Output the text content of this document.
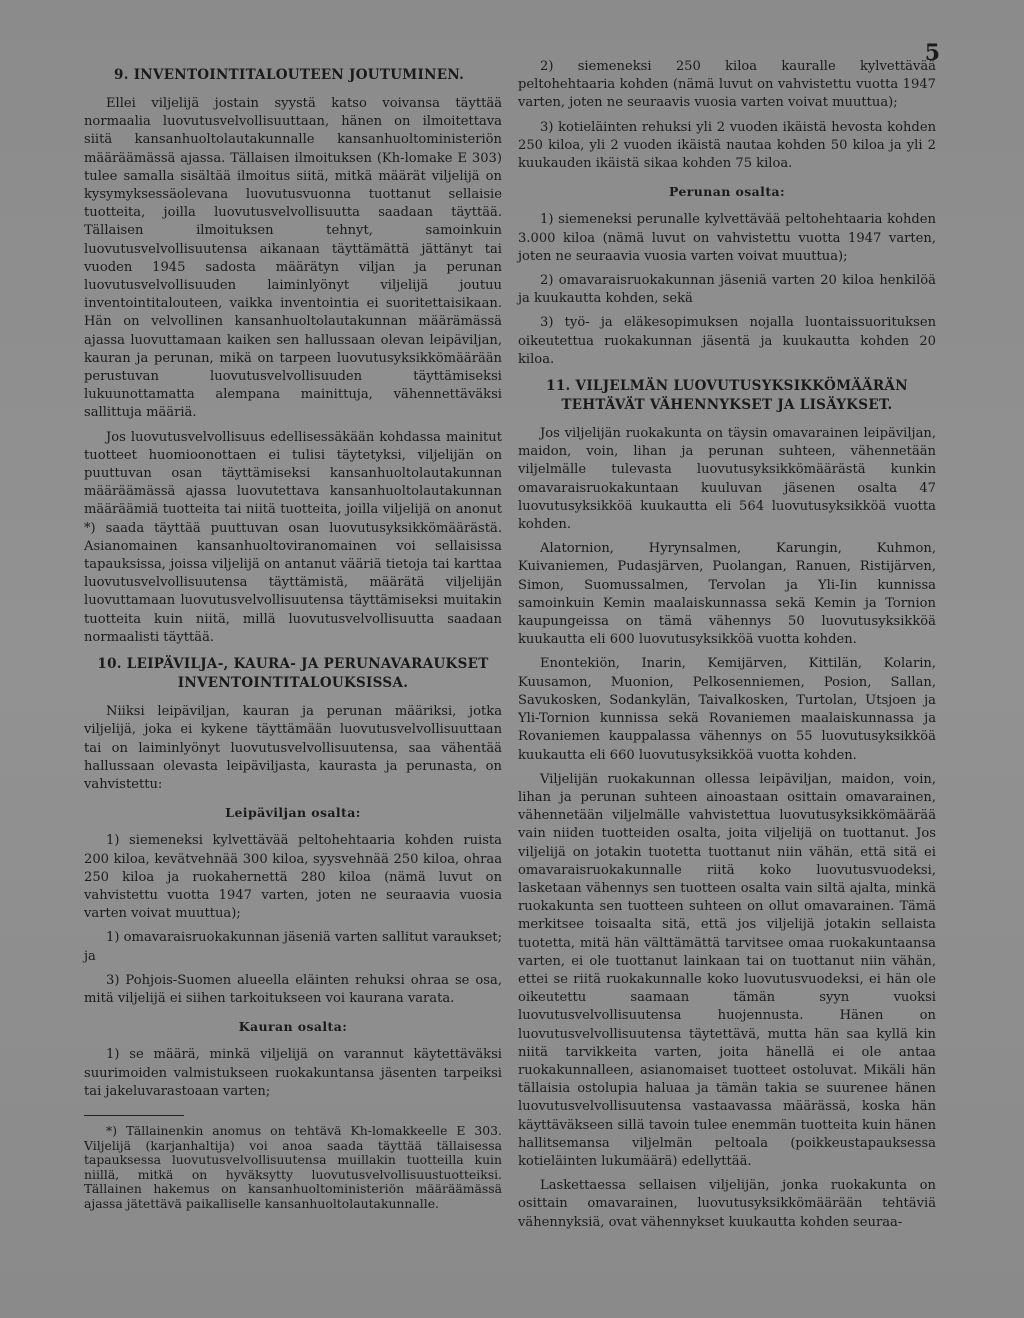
5
9. INVENTOINTITALOUTEEN JOUTUMINEN.

Ellei viljelijä jostain syystä katso voivansa täyttää normaalia luovutusvelvollisuuttaan, hänen on ilmoitettava siitä kansanhuoltolautakunnalle kansanhuoltoministeriön määräämässä ajassa. Tällaisen ilmoituksen (Kh-lomake E 303) tulee samalla sisältää ilmoitus siitä, mitkä määrät viljelijä on kysymyksessäolevana luovutusvuonna tuottanut sellaisie tuotteita, joilla luovutusvelvollisuutta saadaan täyttää. Tällaisen ilmoituksen tehnyt, samoinkuin luovutusvelvollisuutensa aikanaan täyttämättä jättänyt tai vuoden 1945 sadosta määrätyn viljan ja perunan luovutusvelvollisuuden laiminlyönyt viljelijä joutuu inventointitalouteen, vaikka inventointia ei suoritettaisikaan. Hän on velvollinen kansanhuoltolautakunnan määrämässä ajassa luovuttamaan kaiken sen hallussaan olevan leipäviljan, kauran ja perunan, mikä on tarpeen luovutusyksikkömäärään perustuvan luovutusvelvollisuuden täyttämiseksi lukuunottamatta alempana mainittuja, vähennettäväksi sallittuja määriä.

Jos luovutusvelvollisuus edellisessäkään kohdassa mainitut tuotteet huomioonottaen ei tulisi täytetyksi, viljelijän on puuttuvan osan täyttämiseksi kansanhuoltolautakunnan määräämässä ajassa luovutettava kansanhuoltolautakunnan määräämiä tuotteita tai niitä tuotteita, joilla viljelijä on anonut *) saada täyttää puuttuvan osan luovutusyksikkömäärästä. Asianomainen kansanhuoltoviranomainen voi sellaisissa tapauksissa, joissa viljelijä on antanut vääriä tietoja tai karttaa luovutusvelvollisuutensa täyttämistä, määrätä viljelijän luovuttamaan luovutusvelvollisuutensa täyttämiseksi muitakin tuotteita kuin niitä, millä luovutusvelvollisuutta saadaan normaalisti täyttää.

10. LEIPÄVILJA-, KAURA- JA PERUNAVARAUKSET
INVENTOINTITALOUKSISSA.

Niiksi leipäviljan, kauran ja perunan määriksi, jotka viljelijä, joka ei kykene täyttämään luovutusvelvollisuuttaan tai on laiminlyönyt luovutusvelvollisuutensa, saa vähentää hallussaan olevasta leipäviljasta, kaurasta ja perunasta, on vahvistettu:

Leipäviljan osalta:

1) siemeneksi kylvettävää peltohehtaaria kohden ruista 200 kiloa, kevätvehnää 300 kiloa, syysvehnää 250 kiloa, ohraa 250 kiloa ja ruokahernettä 280 kiloa (nämä luvut on vahvistettu vuotta 1947 varten, joten ne seuraavia vuosia varten voivat muuttua);

1) omavaraisruokakunnan jäseniä varten sallitut varaukset; ja

3) Pohjois-Suomen alueella eläinten rehuksi ohraa se osa, mitä viljelijä ei siihen tarkoitukseen voi kaurana varata.

Kauran osalta:

1) se määrä, minkä viljelijä on varannut käytettäväksi suurimoiden valmistukseen ruokakuntansa jäsenten tarpeiksi tai jakeluvarastoaan varten;

*) Tällainenkin anomus on tehtävä Kh-lomakkeelle E 303. Viljelijä (karjanhaltija) voi anoa saada täyttää tällaisessa tapauksessa luovutusvelvollisuutensa muillakin tuotteilla kuin niillä, mitkä on hyväksytty luovutusvelvollisuustuotteiksi. Tällainen hakemus on kansanhuoltoministeriön määräämässä ajassa jätettävä paikalliselle kansanhuoltolautakunnalle.

2) siemeneksi 250 kiloa kauralle kylvettävää peltohehtaaria kohden (nämä luvut on vahvistettu vuotta 1947 varten, joten ne seuraavis vuosia varten voivat muuttua);

3) kotieläinten rehuksi yli 2 vuoden ikäistä hevosta kohden 250 kiloa, yli 2 vuoden ikäistä nautaa kohden 50 kiloa ja yli 2 kuukauden ikäistä sikaa kohden 75 kiloa.

Perunan osalta:

1) siemeneksi perunalle kylvettävää peltohehtaaria kohden 3.000 kiloa (nämä luvut on vahvistettu vuotta 1947 varten, joten ne seuraavia vuosia varten voivat muuttua);

2) omavaraisruokakunnan jäseniä varten 20 kiloa henkilöä ja kuukautta kohden, sekä

3) työ- ja eläkesopimuksen nojalla luontaissuorituksen oikeutettua ruokakunnan jäsentä ja kuukautta kohden 20 kiloa.

11. VILJELMÄN LUOVUTUSYKSIKKÖMÄÄRÄN
TEHTÄVÄT VÄHENNYKSET JA LISÄYKSET.

Jos viljelijän ruokakunta on täysin omavarainen leipäviljan, maidon, voin, lihan ja perunan suhteen, vähennetään viljelmälle tulevasta luovutusyksikkömäärästä kunkin omavaraisruokakuntaan kuuluvan jäsenen osalta 47 luovutusyksikköä kuukautta eli 564 luovutusyksikköä vuotta kohden.

Alatornion, Hyrynsalmen, Karungin, Kuhmon, Kuivaniemen, Pudasjärven, Puolangan, Ranuen, Ristijärven, Simon, Suomussalmen, Tervolan ja Yli-Iin kunnissa samoinkuin Kemin maalaiskunnassa sekä Kemin ja Tornion kaupungeissa on tämä vähennys 50 luovutusyksikköä kuukautta eli 600 luovutusyksikköä vuotta kohden.

Enontekiön, Inarin, Kemijärven, Kittilän, Kolarin, Kuusamon, Muonion, Pelkosenniemen, Posion, Sallan, Savukosken, Sodankylän, Taivalkosken, Turtolan, Utsjoen ja Yli-Tornion kunnissa sekä Rovaniemen maalaiskunnassa ja Rovaniemen kauppalassa vähennys on 55 luovutusyksikköä kuukautta eli 660 luovutusyksikköä vuotta kohden.

Viljelijän ruokakunnan ollessa leipäviljan, maidon, voin, lihan ja perunan suhteen ainoastaan osittain omavarainen, vähennetään viljelmälle vahvistettua luovutusyksikkömäärää vain niiden tuotteiden osalta, joita viljelijä on tuottanut. Jos viljelijä on jotakin tuotetta tuottanut niin vähän, että sitä ei omavaraisruokakunnalle riitä koko luovutusvuodeksi, lasketaan vähennys sen tuotteen osalta vain siltä ajalta, minkä ruokakunta sen tuotteen suhteen on ollut omavarainen. Tämä merkitsee toisaalta sitä, että jos viljelijä jotakin sellaista tuotetta, mitä hän välttämättä tarvitsee omaa ruokakuntaansa varten, ei ole tuottanut lainkaan tai on tuottanut niin vähän, ettei se riitä ruokakunnalle koko luovutusvuodeksi, ei hän ole oikeutettu saamaan tämän syyn vuoksi luovutusvelvollisuutensa huojennusta. Hänen on luovutusvelvollisuutensa täytettävä, mutta hän saa kyllä kin niitä tarvikkeita varten, joita hänellä ei ole antaa ruokakunnalleen, asianomaiset tuotteet ostoluvat. Mikäli hän tällaisia ostolupia haluaa ja tämän takia se suurenee hänen luovutusvelvollisuutensa vastaavassa määrässä, koska hän käyttäväkseen sillä tavoin tulee enemmän tuotteita kuin hänen hallitsemansa viljelmän peltoala (poikkeustapauksessa kotieläinten lukumäärä) edellyttää.

Laskettaessa sellaisen viljelijän, jonka ruokakunta on osittain omavarainen, luovutusyksikkömäärään tehtäviä vähennyksiä, ovat vähennykset kuukautta kohden seuraa-
